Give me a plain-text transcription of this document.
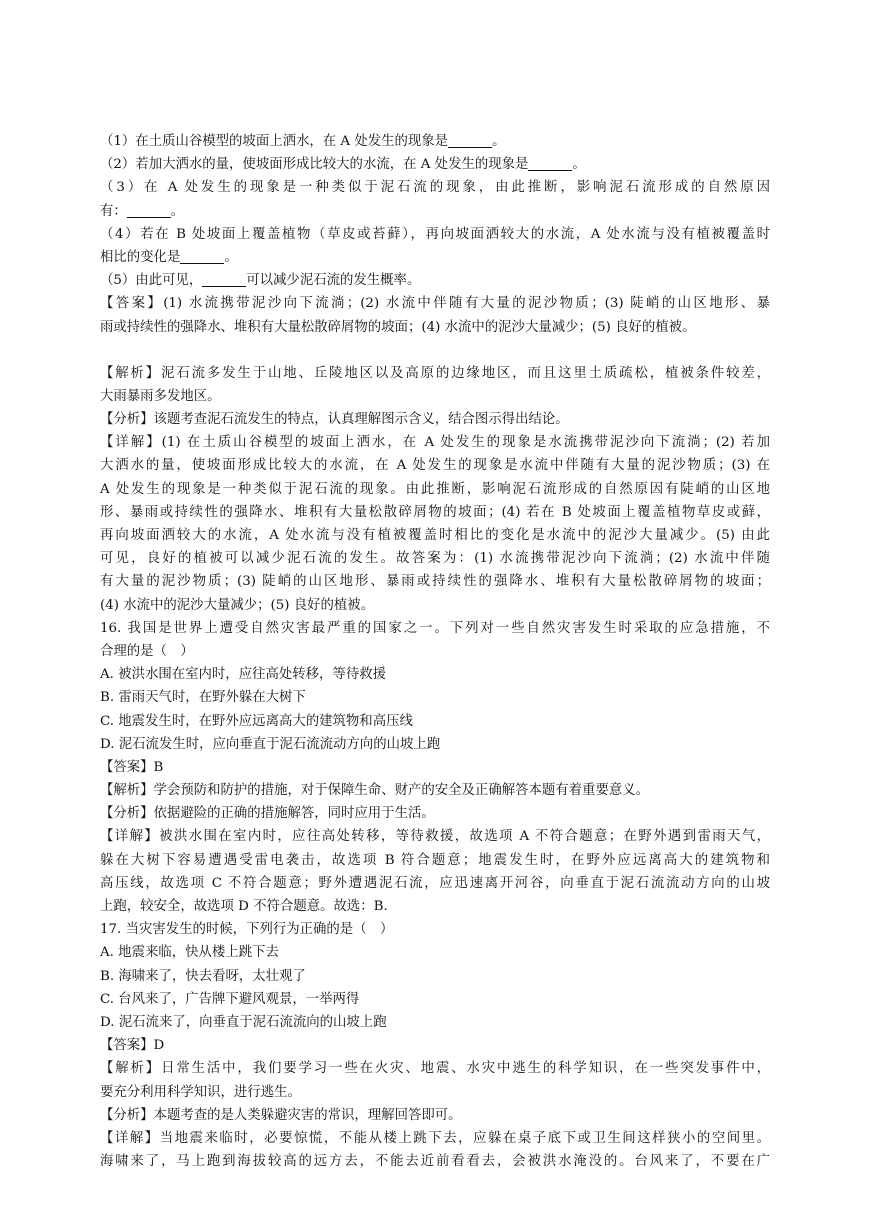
（1）在土质山谷模型的坡面上洒水，在 A 处发生的现象是	。
（2）若加大洒水的量，使坡面形成比较大的水流，在 A 处发生的现象是	。
（3）在 A 处发生的现象是一种类似于泥石流的现象，由此推断，影响泥石流形成的自然原因
有：	。
（4）若在 B 处坡面上覆盖植物（草皮或苔藓），再向坡面洒较大的水流，A 处水流与没有植被覆盖时
相比的变化是	。
（5）由此可见，	可以减少泥石流的发生概率。
【答案】(1) 水流携带泥沙向下流淌；(2) 水流中伴随有大量的泥沙物质；(3) 陡峭的山区地形、暴
雨或持续性的强降水、堆积有大量松散碎屑物的坡面；(4) 水流中的泥沙大量减少；(5) 良好的植被。
【解析】泥石流多发生于山地、丘陵地区以及高原的边缘地区，而且这里土质疏松，植被条件较差，
大雨暴雨多发地区。
【分析】该题考查泥石流发生的特点，认真理解图示含义，结合图示得出结论。
【详解】(1) 在土质山谷模型的坡面上洒水，在 A 处发生的现象是水流携带泥沙向下流淌；(2) 若加
大洒水的量，使坡面形成比较大的水流，在 A 处发生的现象是水流中伴随有大量的泥沙物质；(3) 在
A 处发生的现象是一种类似于泥石流的现象。由此推断，影响泥石流形成的自然原因有陡峭的山区地
形、暴雨或持续性的强降水、堆积有大量松散碎屑物的坡面；(4) 若在 B 处坡面上覆盖植物草皮或藓，
再向坡面洒较大的水流，A 处水流与没有植被覆盖时相比的变化是水流中的泥沙大量减少。(5) 由此
可见，良好的植被可以减少泥石流的发生。故答案为：(1) 水流携带泥沙向下流淌；(2) 水流中伴随
有大量的泥沙物质；(3) 陡峭的山区地形、暴雨或持续性的强降水、堆积有大量松散碎屑物的坡面；
(4) 水流中的泥沙大量减少；(5) 良好的植被。
16. 我国是世界上遭受自然灾害最严重的国家之一。下列对一些自然灾害发生时采取的应急措施，不
合理的是（　）
A. 被洪水围在室内时，应往高处转移，等待救援
B. 雷雨天气时，在野外躲在大树下
C. 地震发生时，在野外应远离高大的建筑物和高压线
D. 泥石流发生时，应向垂直于泥石流流动方向的山坡上跑
【答案】B
【解析】学会预防和防护的措施，对于保障生命、财产的安全及正确解答本题有着重要意义。
【分析】依据避险的正确的措施解答，同时应用于生活。
【详解】被洪水围在室内时，应往高处转移，等待救援，故选项 A 不符合题意；在野外遇到雷雨天气，
躲在大树下容易遭遇受雷电袭击，故选项 B 符合题意；地震发生时，在野外应远离高大的建筑物和
高压线，故选项 C 不符合题意；野外遭遇泥石流，应迅速离开河谷，向垂直于泥石流流动方向的山坡
上跑，较安全，故选项 D 不符合题意。故选：B.
17. 当灾害发生的时候，下列行为正确的是（　）
A. 地震来临，快从楼上跳下去
B. 海啸来了，快去看呀，太壮观了
C. 台风来了，广告牌下避风观景，一举两得
D. 泥石流来了，向垂直于泥石流流向的山坡上跑
【答案】D
【解析】日常生活中，我们要学习一些在火灾、地震、水灾中逃生的科学知识，在一些突发事件中，
要充分利用科学知识，进行逃生。
【分析】本题考查的是人类躲避灾害的常识，理解回答即可。
【详解】当地震来临时，必要惊慌，不能从楼上跳下去，应躲在桌子底下或卫生间这样狭小的空间里。
海啸来了，马上跑到海拔较高的远方去，不能去近前看看去，会被洪水淹没的。台风来了，不要在广
